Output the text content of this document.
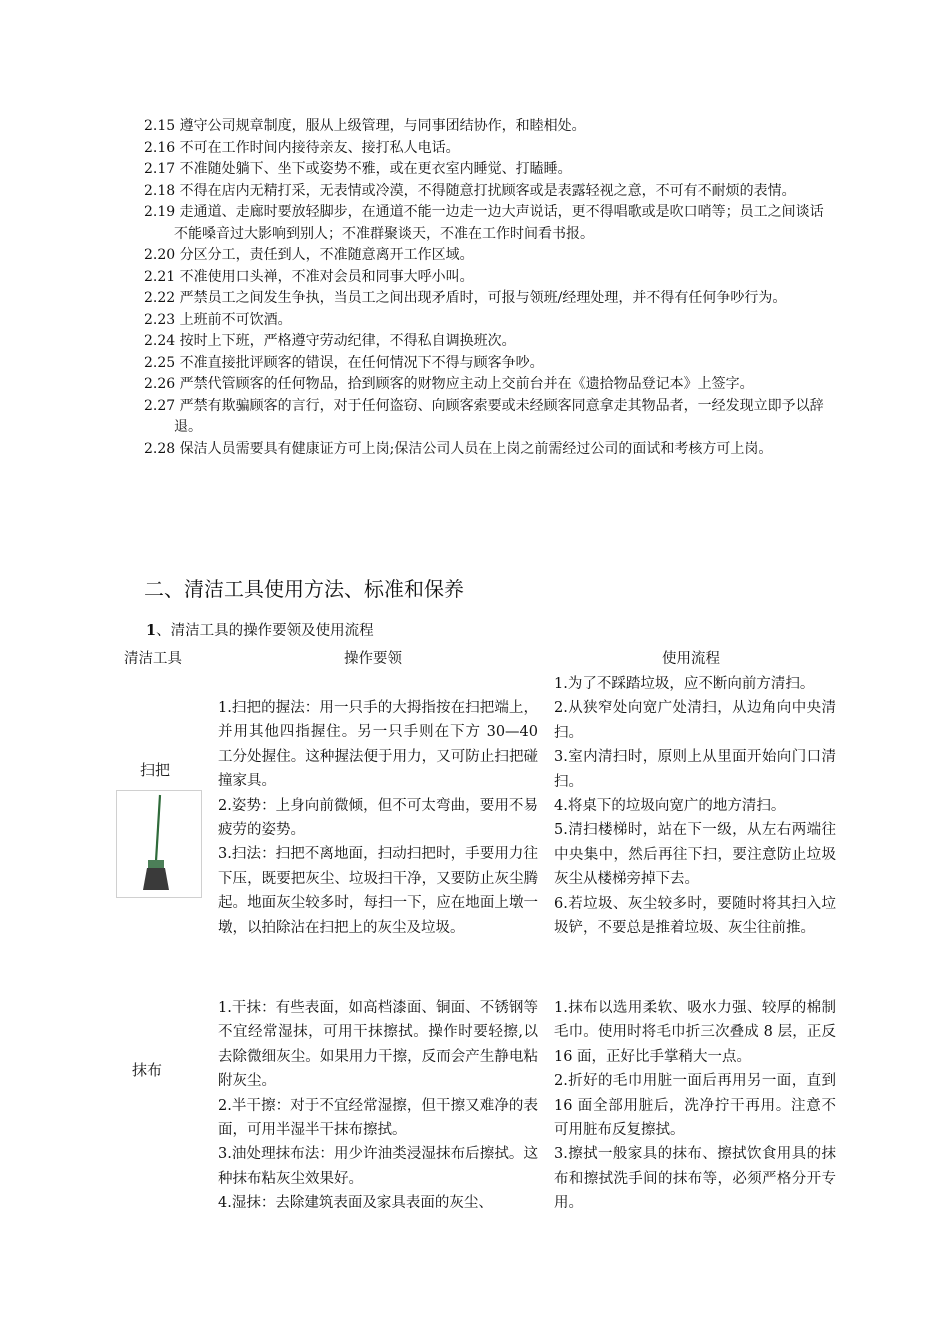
2.15 遵守公司规章制度，服从上级管理，与同事团结协作，和睦相处。

2.16 不可在工作时间内接待亲友、接打私人电话。

2.17 不准随处躺下、坐下或姿势不雅，或在更衣室内睡觉、打瞌睡。

2.18 不得在店内无精打采，无表情或冷漠，不得随意打扰顾客或是表露轻视之意，不可有不耐烦的表情。

2.19 走通道、走廊时要放轻脚步，在通道不能一边走一边大声说话，更不得唱歌或是吹口哨等；员工之间谈话不能嗓音过大影响到别人；不准群聚谈天，不准在工作时间看书报。

2.20 分区分工，责任到人，不准随意离开工作区域。

2.21 不准使用口头禅，不准对会员和同事大呼小叫。

2.22 严禁员工之间发生争执，当员工之间出现矛盾时，可报与领班/经理处理，并不得有任何争吵行为。

2.23 上班前不可饮酒。

2.24 按时上下班，严格遵守劳动纪律，不得私自调换班次。

2.25 不准直接批评顾客的错误，在任何情况下不得与顾客争吵。

2.26 严禁代管顾客的任何物品，拾到顾客的财物应主动上交前台并在《遗拾物品登记本》上签字。

2.27 严禁有欺骗顾客的言行，对于任何盗窃、向顾客索要或未经顾客同意拿走其物品者，一经发现立即予以辞退。

2.28 保洁人员需要具有健康证方可上岗;保洁公司人员在上岗之前需经过公司的面试和考核方可上岗。

二、清洁工具使用方法、标准和保养

1、清洁工具的操作要领及使用流程

清洁工具	操作要领	使用流程
扫把

1.扫把的握法：用一只手的大拇指按在扫把端上，并用其他四指握住。另一只手则在下方 30—40 工分处握住。这种握法便于用力，又可防止扫把碰撞家具。

2.姿势：上身向前微倾，但不可太弯曲，要用不易疲劳的姿势。

3.扫法：扫把不离地面，扫动扫把时，手要用力往下压，既要把灰尘、垃圾扫干净，又要防止灰尘腾起。地面灰尘较多时，每扫一下，应在地面上墩一墩，以拍除沾在扫把上的灰尘及垃圾。

1.为了不踩踏垃圾，应不断向前方清扫。

2.从狭窄处向宽广处清扫，从边角向中央清扫。

3.室内清扫时，原则上从里面开始向门口清扫。

4.将桌下的垃圾向宽广的地方清扫。

5.清扫楼梯时，站在下一级，从左右两端往中央集中，然后再往下扫，要注意防止垃圾灰尘从楼梯旁掉下去。

6.若垃圾、灰尘较多时，要随时将其扫入垃圾铲，不要总是推着垃圾、灰尘往前推。

抹布

1.干抹：有些表面，如高档漆面、铜面、不锈钢等不宜经常湿抹，可用干抹擦拭。操作时要轻擦,以去除微细灰尘。如果用力干擦，反而会产生静电粘附灰尘。

2.半干擦：对于不宜经常湿擦，但干擦又难净的表面，可用半湿半干抹布擦拭。

3.油处理抹布法：用少许油类浸湿抹布后擦拭。这种抹布粘灰尘效果好。

4.湿抹：去除建筑表面及家具表面的灰尘、

1.抹布以选用柔软、吸水力强、较厚的棉制毛巾。使用时将毛巾折三次叠成 8 层，正反 16 面，正好比手掌稍大一点。

2.折好的毛巾用脏一面后再用另一面，直到 16 面全部用脏后，洗净拧干再用。注意不可用脏布反复擦拭。

3.擦拭一般家具的抹布、擦拭饮食用具的抹布和擦拭洗手间的抹布等，必须严格分开专用。
